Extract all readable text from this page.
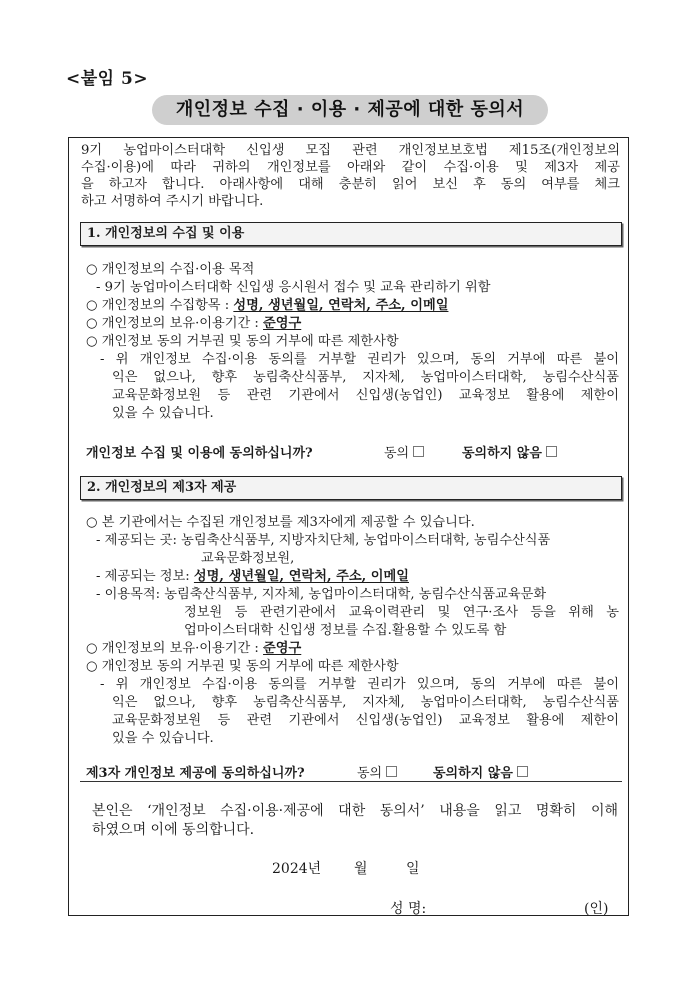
<붙임 5>
개인정보 수집 · 이용 · 제공에 대한 동의서
9기 농업마이스터대학 신입생 모집 관련 개인정보보호법 제15조(개인정보의
수집·이용)에 따라 귀하의 개인정보를 아래와 같이 수집·이용 및 제3자 제공
을 하고자 합니다. 아래사항에 대해 충분히 읽어 보신 후 동의 여부를 체크
하고 서명하여 주시기 바랍니다.
1. 개인정보의 수집 및 이용
○ 개인정보의 수집·이용 목적
- 9기 농업마이스터대학 신입생 응시원서 접수 및 교육 관리하기 위함
○ 개인정보의 수집항목 : 성명, 생년월일, 연락처, 주소, 이메일
○ 개인정보의 보유·이용기간 : 준영구
○ 개인정보 동의 거부권 및 동의 거부에 따른 제한사항
- 위 개인정보 수집·이용 동의를 거부할 권리가 있으며, 동의 거부에 따른 불이
익은 없으나, 향후 농림축산식품부, 지자체, 농업마이스터대학, 농림수산식품
교육문화정보원 등 관련 기관에서 신입생(농업인) 교육정보 활용에 제한이
있을 수 있습니다.
개인정보 수집 및 이용에 동의하십니까?	동의	동의하지 않음
2. 개인정보의 제3자 제공
○ 본 기관에서는 수집된 개인정보를 제3자에게 제공할 수 있습니다.
- 제공되는 곳: 농림축산식품부, 지방자치단체, 농업마이스터대학, 농림수산식품
교육문화정보원,
- 제공되는 정보: 성명, 생년월일, 연락처, 주소, 이메일
- 이용목적: 농림축산식품부, 지자체, 농업마이스터대학, 농림수산식품교육문화
정보원 등 관련기관에서 교육이력관리 및 연구·조사 등을 위해 농
업마이스터대학 신입생 정보를 수집.활용할 수 있도록 함
○ 개인정보의 보유·이용기간 : 준영구
○ 개인정보 동의 거부권 및 동의 거부에 따른 제한사항
- 위 개인정보 수집·이용 동의를 거부할 권리가 있으며, 동의 거부에 따른 불이
익은 없으나, 향후 농림축산식품부, 지자체, 농업마이스터대학, 농림수산식품
교육문화정보원 등 관련 기관에서 신입생(농업인) 교육정보 활용에 제한이
있을 수 있습니다.
제3자 개인정보 제공에 동의하십니까?	동의	동의하지 않음
본인은 ‘개인정보 수집·이용·제공에 대한 동의서’ 내용을 읽고 명확히 이해
하였으며 이에 동의합니다.
2024년 월	일
성 명:	(인)
